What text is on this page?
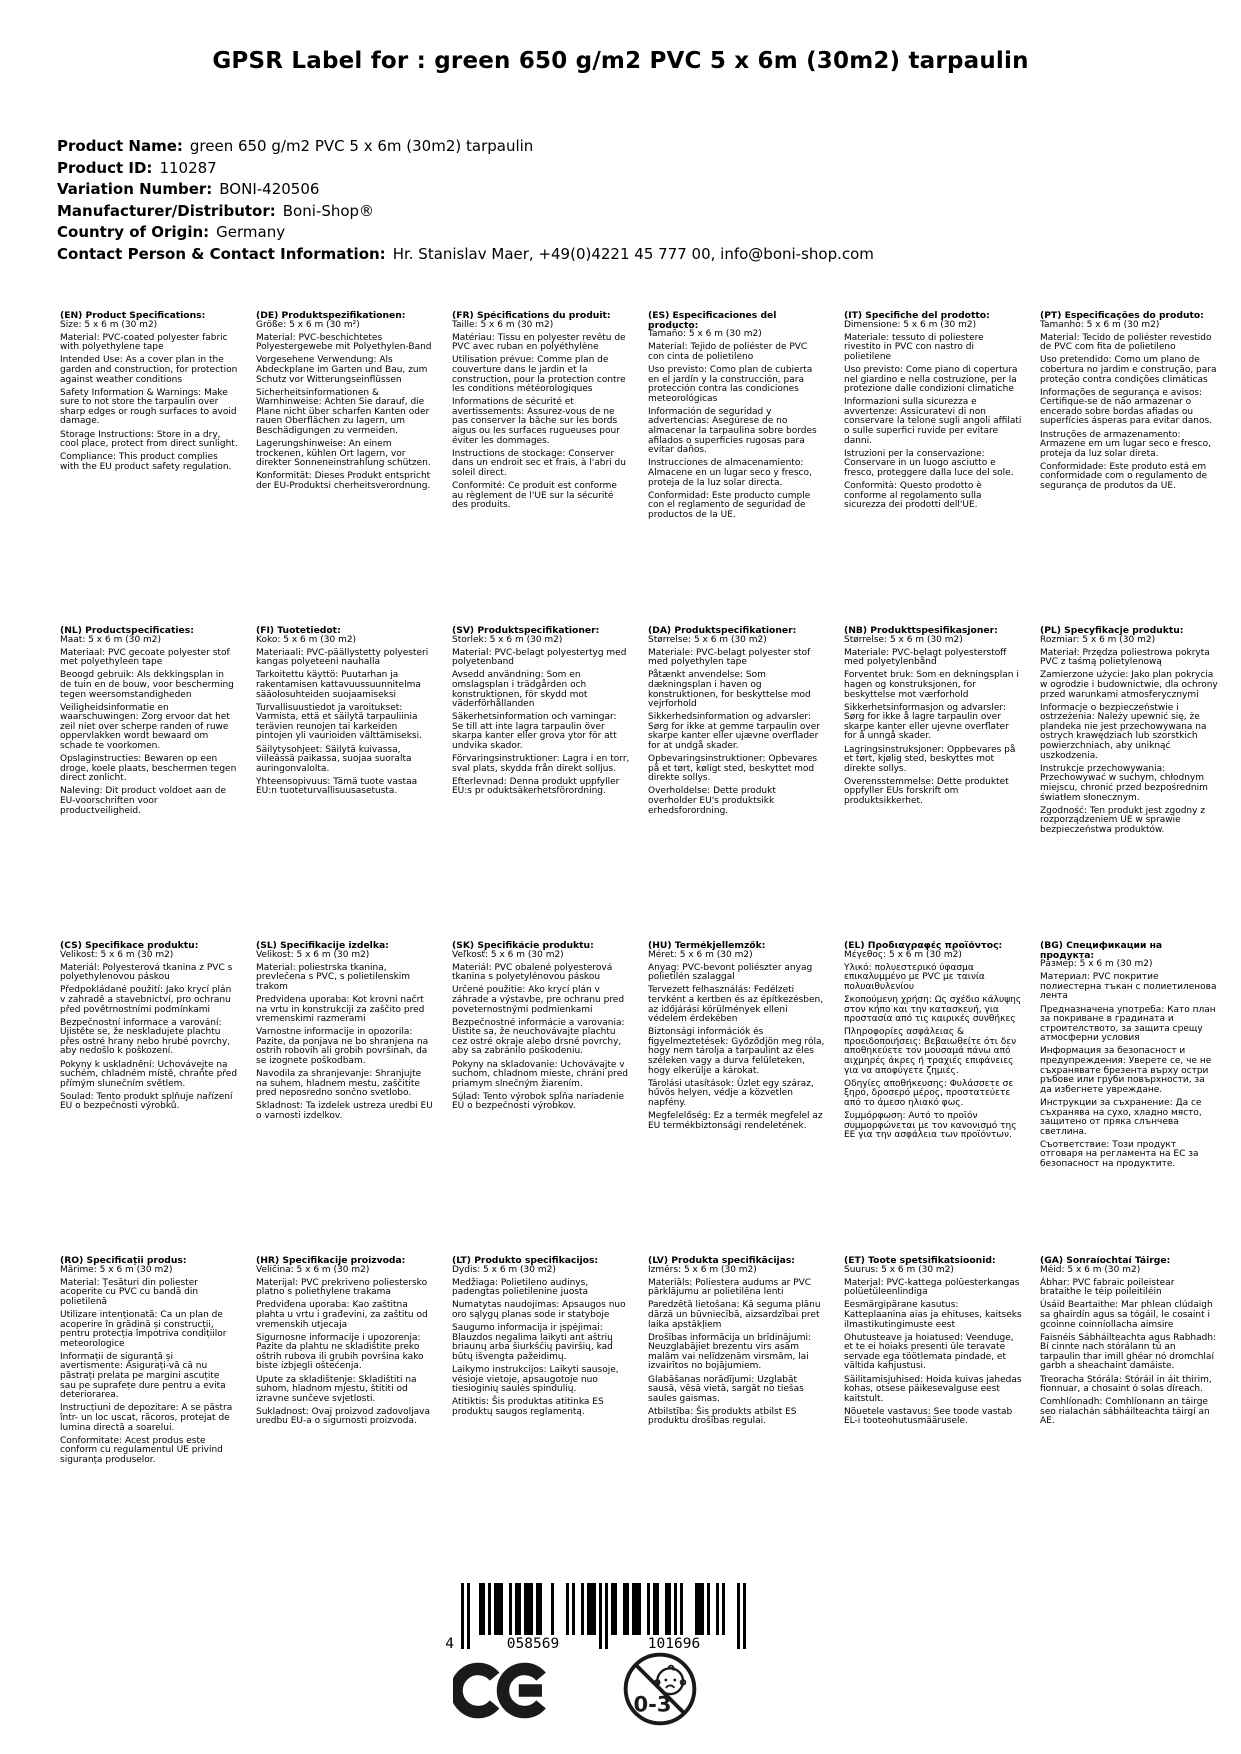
GPSR Label for : green 650 g/m2 PVC 5 x 6m (30m2) tarpaulin
Product Name: green 650 g/m2 PVC 5 x 6m (30m2) tarpaulin
Product ID: 110287
Variation Number: BONI-420506
Manufacturer/Distributor: Boni-Shop®
Country of Origin: Germany
Contact Person & Contact Information: Hr. Stanislav Maer, +49(0)4221 45 777 00, info@boni-shop.com
(EN) Product Specifications:

Size: 5 x 6 m (30 m2)

Material: PVC-coated polyester fabric with polyethylene tape

Intended Use: As a cover plan in the garden and construction, for protection against weather conditions

Safety Information & Warnings: Make sure to not store the tarpaulin over sharp edges or rough surfaces to avoid damage.

Storage Instructions: Store in a dry, cool place, protect from direct sunlight.

Compliance: This product complies with the EU product safety regulation.

(DE) Produktspezifikationen:

Größe: 5 x 6 m (30 m²)

Material: PVC-beschichtetes Polyestergewebe mit Polyethylen-Band

Vorgesehene Verwendung: Als Abdeckplane im Garten und Bau, zum Schutz vor Witterungseinflüssen

Sicherheitsinformationen & Warnhinweise: Achten Sie darauf, die Plane nicht über scharfen Kanten oder rauen Oberflächen zu lagern, um Beschädigungen zu vermeiden.

Lagerungshinweise: An einem trockenen, kühlen Ort lagern, vor direkter Sonneneinstrahlung schützen.

Konformität: Dieses Produkt entspricht der EU-Produktsi cherheitsverordnung.

(FR) Spécifications du produit:

Taille: 5 x 6 m (30 m2)

Matériau: Tissu en polyester revêtu de PVC avec ruban en polyéthylène

Utilisation prévue: Comme plan de couverture dans le jardin et la construction, pour la protection contre les conditions météorologiques

Informations de sécurité et avertissements: Assurez-vous de ne pas conserver la bâche sur les bords aigus ou les surfaces rugueuses pour éviter les dommages.

Instructions de stockage: Conserver dans un endroit sec et frais, à l'abri du soleil direct.

Conformité: Ce produit est conforme au règlement de l'UE sur la sécurité des produits.

(ES) Especificaciones del producto:

Tamaño: 5 x 6 m (30 m2)

Material: Tejido de poliéster de PVC con cinta de polietileno

Uso previsto: Como plan de cubierta en el jardín y la construcción, para protección contra las condiciones meteorológicas

Información de seguridad y advertencias: Asegúrese de no almacenar la tarpaulina sobre bordes afilados o superficies rugosas para evitar daños.

Instrucciones de almacenamiento: Almacene en un lugar seco y fresco, proteja de la luz solar directa.

Conformidad: Este producto cumple con el reglamento de seguridad de productos de la UE.

(IT) Specifiche del prodotto:

Dimensione: 5 x 6 m (30 m2)

Materiale: tessuto di poliestere rivestito in PVC con nastro di polietilene

Uso previsto: Come piano di copertura nel giardino e nella costruzione, per la protezione dalle condizioni climatiche

Informazioni sulla sicurezza e avvertenze: Assicuratevi di non conservare la telone sugli angoli affilati o sulle superfici ruvide per evitare danni.

Istruzioni per la conservazione: Conservare in un luogo asciutto e fresco, proteggere dalla luce del sole.

Conformità: Questo prodotto è conforme al regolamento sulla sicurezza dei prodotti dell'UE.

(PT) Especificações do produto:

Tamanho: 5 x 6 m (30 m2)

Material: Tecido de poliéster revestido de PVC com fita de polietileno

Uso pretendido: Como um plano de cobertura no jardim e construção, para proteção contra condições climáticas

Informações de segurança e avisos: Certifique-se de não armazenar o encerado sobre bordas afiadas ou superfícies ásperas para evitar danos.

Instruções de armazenamento: Armazene em um lugar seco e fresco, proteja da luz solar direta.

Conformidade: Este produto está em conformidade com o regulamento de segurança de produtos da UE.

(NL) Productspecificaties:

Maat: 5 x 6 m (30 m2)

Materiaal: PVC gecoate polyester stof met polyethyleen tape

Beoogd gebruik: Als dekkingsplan in de tuin en de bouw, voor bescherming tegen weersomstandigheden

Veiligheidsinformatie en waarschuwingen: Zorg ervoor dat het zeil niet over scherpe randen of ruwe oppervlakken wordt bewaard om schade te voorkomen.

Opslaginstructies: Bewaren op een droge, koele plaats, beschermen tegen direct zonlicht.

Naleving: Dit product voldoet aan de EU-voorschriften voor productveiligheid.

(FI) Tuotetiedot:

Koko: 5 x 6 m (30 m2)

Materiaali: PVC-päällystetty polyesteri kangas polyeteeni nauhalla

Tarkoitettu käyttö: Puutarhan ja rakentamisen kattavuussuunnitelma sääolosuhteiden suojaamiseksi

Turvallisuustiedot ja varoitukset: Varmista, että et säilytä tarpauliinia terävien reunojen tai karkeiden pintojen yli vaurioiden välttämiseksi.

Säilytysohjeet: Säilytä kuivassa, viileässä paikassa, suojaa suoralta auringonvalolta.

Yhteensopivuus: Tämä tuote vastaa EU:n tuoteturvallisuusasetusta.

(SV) Produktspecifikationer:

Storlek: 5 x 6 m (30 m2)

Material: PVC-belagt polyestertyg med polyetenband

Avsedd användning: Som en omslagsplan i trädgården och konstruktionen, för skydd mot väderförhållanden

Säkerhetsinformation och varningar: Se till att inte lagra tarpaulin över skarpa kanter eller grova ytor för att undvika skador.

Förvaringsinstruktioner: Lagra i en torr, sval plats, skydda från direkt solljus.

Efterlevnad: Denna produkt uppfyller EU:s pr oduktsäkerhetsförordning.

(DA) Produktspecifikationer:

Størrelse: 5 x 6 m (30 m2)

Materiale: PVC-belagt polyester stof med polyethylen tape

Påtænkt anvendelse: Som dækningsplan i haven og konstruktionen, for beskyttelse mod vejrforhold

Sikkerhedsinformation og advarsler: Sørg for ikke at gemme tarpaulin over skarpe kanter eller ujævne overflader for at undgå skader.

Opbevaringsinstruktioner: Opbevares på et tørt, køligt sted, beskyttet mod direkte sollys.

Overholdelse: Dette produkt overholder EU's produktsikk erhedsforordning.

(NB) Produkttspesifikasjoner:

Størrelse: 5 x 6 m (30 m2)

Materiale: PVC-belagt polyesterstoff med polyetylenbånd

Forventet bruk: Som en dekningsplan i hagen og konstruksjonen, for beskyttelse mot værforhold

Sikkerhetsinformasjon og advarsler: Sørg for ikke å lagre tarpaulin over skarpe kanter eller ujevne overflater for å unngå skader.

Lagringsinstruksjoner: Oppbevares på et tørt, kjølig sted, beskyttes mot direkte sollys.

Overensstemmelse: Dette produktet oppfyller EUs forskrift om produktsikkerhet.

(PL) Specyfikacje produktu:

Rozmiar: 5 x 6 m (30 m2)

Materiał: Przędza poliestrowa pokryta PVC z taśmą polietylenową

Zamierzone użycie: Jako plan pokrycia w ogrodzie i budownictwie, dla ochrony przed warunkami atmosferycznymi

Informacje o bezpieczeństwie i ostrzeżenia: Należy upewnić się, że plandeka nie jest przechowywana na ostrych krawędziach lub szorstkich powierzchniach, aby uniknąć uszkodzenia.

Instrukcje przechowywania: Przechowywać w suchym, chłodnym miejscu, chronić przed bezpośrednim światłem słonecznym.

Zgodność: Ten produkt jest zgodny z rozporządzeniem UE w sprawie bezpieczeństwa produktów.

(CS) Specifikace produktu:

Velikost: 5 x 6 m (30 m2)

Materiál: Polyesterová tkanina z PVC s polyethylenovou páskou

Předpokládané použití: Jako krycí plán v zahradě a stavebnictví, pro ochranu před povětrnostními podmínkami

Bezpečnostní informace a varování: Ujistěte se, že neskladujete plachtu přes ostré hrany nebo hrubé povrchy, aby nedošlo k poškození.

Pokyny k uskladnění: Uchovávejte na suchém, chladném místě, chraňte před přímým slunečním světlem.

Soulad: Tento produkt splňuje nařízení EU o bezpečnosti výrobků.

(SL) Specifikacije izdelka:

Velikost: 5 x 6 m (30 m2)

Material: poliestrska tkanina, prevlečena s PVC, s polietilenskim trakom

Predvidena uporaba: Kot krovni načrt na vrtu in konstrukciji za zaščito pred vremenskimi razmerami

Varnostne informacije in opozorila: Pazite, da ponjava ne bo shranjena na ostrih robovih ali grobih površinah, da se izognete poškodbam.

Navodila za shranjevanje: Shranjujte na suhem, hladnem mestu, zaščitite pred neposredno sončno svetlobo.

Skladnost: Ta izdelek ustreza uredbi EU o varnosti izdelkov.

(SK) Špecifikácie produktu:

Veľkosť: 5 x 6 m (30 m2)

Materiál: PVC obalené polyesterová tkanina s polyetylénovou páskou

Určené použitie: Ako krycí plán v záhrade a výstavbe, pre ochranu pred poveternostnými podmienkami

Bezpečnostné informácie a varovania: Uistite sa, že neuchovávajte plachtu cez ostré okraje alebo drsné povrchy, aby sa zabránilo poškodeniu.

Pokyny na skladovanie: Uchovávajte v suchom, chladnom mieste, chráni pred priamym slnečným žiarením.

Súlad: Tento výrobok spĺňa nariadenie EÚ o bezpečnosti výrobkov.

(HU) Termékjellemzők:

Méret: 5 x 6 m (30 m2)

Anyag: PVC-bevont poliészter anyag polietilén szalaggal

Tervezett felhasználás: Fedélzeti tervként a kertben és az építkezésben, az időjárási körülmények elleni védelem érdekében

Biztonsági információk és figyelmeztetések: Győződjön meg róla, hogy nem tárolja a tarpaulint az éles széleken vagy a durva felületeken, hogy elkerülje a károkat.

Tárolási utasítások: Üzlet egy száraz, hűvös helyen, védje a közvetlen napfény.

Megfelelőség: Ez a termék megfelel az EU termékbiztonsági rendeletének.

(EL) Προδιαγραφές προϊόντος:

Μέγεθος: 5 x 6 m (30 m2)

Υλικό: πολυεστερικό ύφασμα επικαλυμμένο με PVC με ταινία πολυαιθυλενίου

Σκοπούμενη χρήση: Ως σχέδιο κάλυψης στον κήπο και την κατασκευή, για προστασία από τις καιρικές συνθήκες

Πληροφορίες ασφάλειας & προειδοποιήσεις: Βεβαιωθείτε ότι δεν αποθηκεύετε τον μουσαμά πάνω από αιχμηρές άκρες ή τραχιές επιφάνειες για να αποφύγετε ζημιές.

Οδηγίες αποθήκευσης: Φυλάσσετε σε ξηρό, δροσερό μέρος, προστατεύετε από το άμεσο ηλιακό φως.

Συμμόρφωση: Αυτό το προϊόν συμμορφώνεται με τον κανονισμό της ΕΕ για την ασφάλεια των προϊόντων.

(BG) Спецификации на продукта:

Размер: 5 x 6 m (30 m2)

Материал: PVC покритие полиестерна тъкан с полиетиленова лента

Предназначена употреба: Като план за покриване в градината и строителството, за защита срещу атмосферни условия

Информация за безопасност и предупреждения: Уверете се, че не съхранявате брезента върху остри ръбове или груби повърхности, за да избегнете увреждане.

Инструкции за съхранение: Да се съхранява на сухо, хладно място, защитено от пряка слънчева светлина.

Съответствие: Този продукт отговаря на регламента на ЕС за безопасност на продуктите.

(RO) Specificații produs:

Mărime: 5 x 6 m (30 m2)

Material: Țesături din poliester acoperite cu PVC cu bandă din polietilenă

Utilizare intenționată: Ca un plan de acoperire în grădină și construcții, pentru protecția împotriva condițiilor meteorologice

Informații de siguranță și avertismente: Asigurați-vă că nu păstrați prelata pe margini ascuțite sau pe suprafețe dure pentru a evita deteriorarea.

Instrucțiuni de depozitare: A se păstra într- un loc uscat, răcoros, protejat de lumina directă a soarelui.

Conformitate: Acest produs este conform cu regulamentul UE privind siguranța produselor.

(HR) Specifikacije proizvoda:

Veličina: 5 x 6 m (30 m2)

Materijal: PVC prekriveno poliestersko platno s poliethylene trakama

Predviđena uporaba: Kao zaštitna plahta u vrtu i građevini, za zaštitu od vremenskih utjecaja

Sigurnosne informacije i upozorenja: Pazite da plahtu ne skladištite preko oštrih rubova ili grubih površina kako biste izbjegli oštećenja.

Upute za skladištenje: Skladištiti na suhom, hladnom mjestu, štititi od izravne sunčeve svjetlosti.

Sukladnost: Ovaj proizvod zadovoljava uredbu EU-a o sigurnosti proizvoda.

(LT) Produkto specifikacijos:

Dydis: 5 x 6 m (30 m2)

Medžiaga: Polietileno audinys, padengtas polietilenine juosta

Numatytas naudojimas: Apsaugos nuo oro sąlygų planas sode ir statyboje

Saugumo informacija ir įspėjimai: Blauzdos negalima laikyti ant aštrių briaunų arba šiurkščių paviršių, kad būtų išvengta pažeidimų.

Laikymo instrukcijos: Laikyti sausoje, vėsioje vietoje, apsaugotoje nuo tiesioginių saulės spindulių.

Atitiktis: Šis produktas atitinka ES produktų saugos reglamentą.

(LV) Produkta specifikācijas:

Izmērs: 5 x 6 m (30 m2)

Materiāls: Poliestera audums ar PVC pārklājumu ar polietilēna lenti

Paredzētā lietošana: Kā seguma plānu dārzā un būvniecībā, aizsardzībai pret laika apstākļiem

Drošības informācija un brīdinājumi: Neuzglabājiet brezentu virs asām malām vai nelīdzenām virsmām, lai izvairītos no bojājumiem.

Glabāšanas norādījumi: Uzglabāt sausā, vēsā vietā, sargāt no tiešas saules gaismas.

Atbilstība: Šis produkts atbilst ES produktu drošības regulai.

(ET) Toote spetsifikatsioonid:

Suurus: 5 x 6 m (30 m2)

Materjal: PVC-kattega polüesterkangas polüetüleenlindiga

Eesmärgipärane kasutus: Katteplaanina aias ja ehituses, kaitseks ilmastikutingimuste eest

Ohutusteave ja hoiatused: Veenduge, et te ei hoiaks presenti üle teravate servade ega töötlemata pindade, et vältida kahjustusi.

Säilitamisjuhised: Hoida kuivas jahedas kohas, otsese päikesevalguse eest kaitstult.

Nõuetele vastavus: See toode vastab EL-i tooteohutusmäärusele.

(GA) Sonraíochtaí Táirge:

Méid: 5 x 6 m (30 m2)

Ábhar: PVC fabraic poileistear brataithe le téip poileitiléin

Úsáid Beartaithe: Mar phlean clúdaigh sa ghairdín agus sa tógáil, le cosaint i gcoinne coinníollacha aimsire

Faisnéis Sábháilteachta agus Rabhadh: Bí cinnte nach stórálann tú an tarpaulin thar imill ghéar nó dromchlaí garbh a sheachaint damáiste.

Treoracha Stórála: Stóráil in áit thirim, fionnuar, a chosaint ó solas díreach.

Comhlíonadh: Comhlíonann an táirge seo rialachán sábháilteachta táirgí an AE.

4	058569	101696
0-3
